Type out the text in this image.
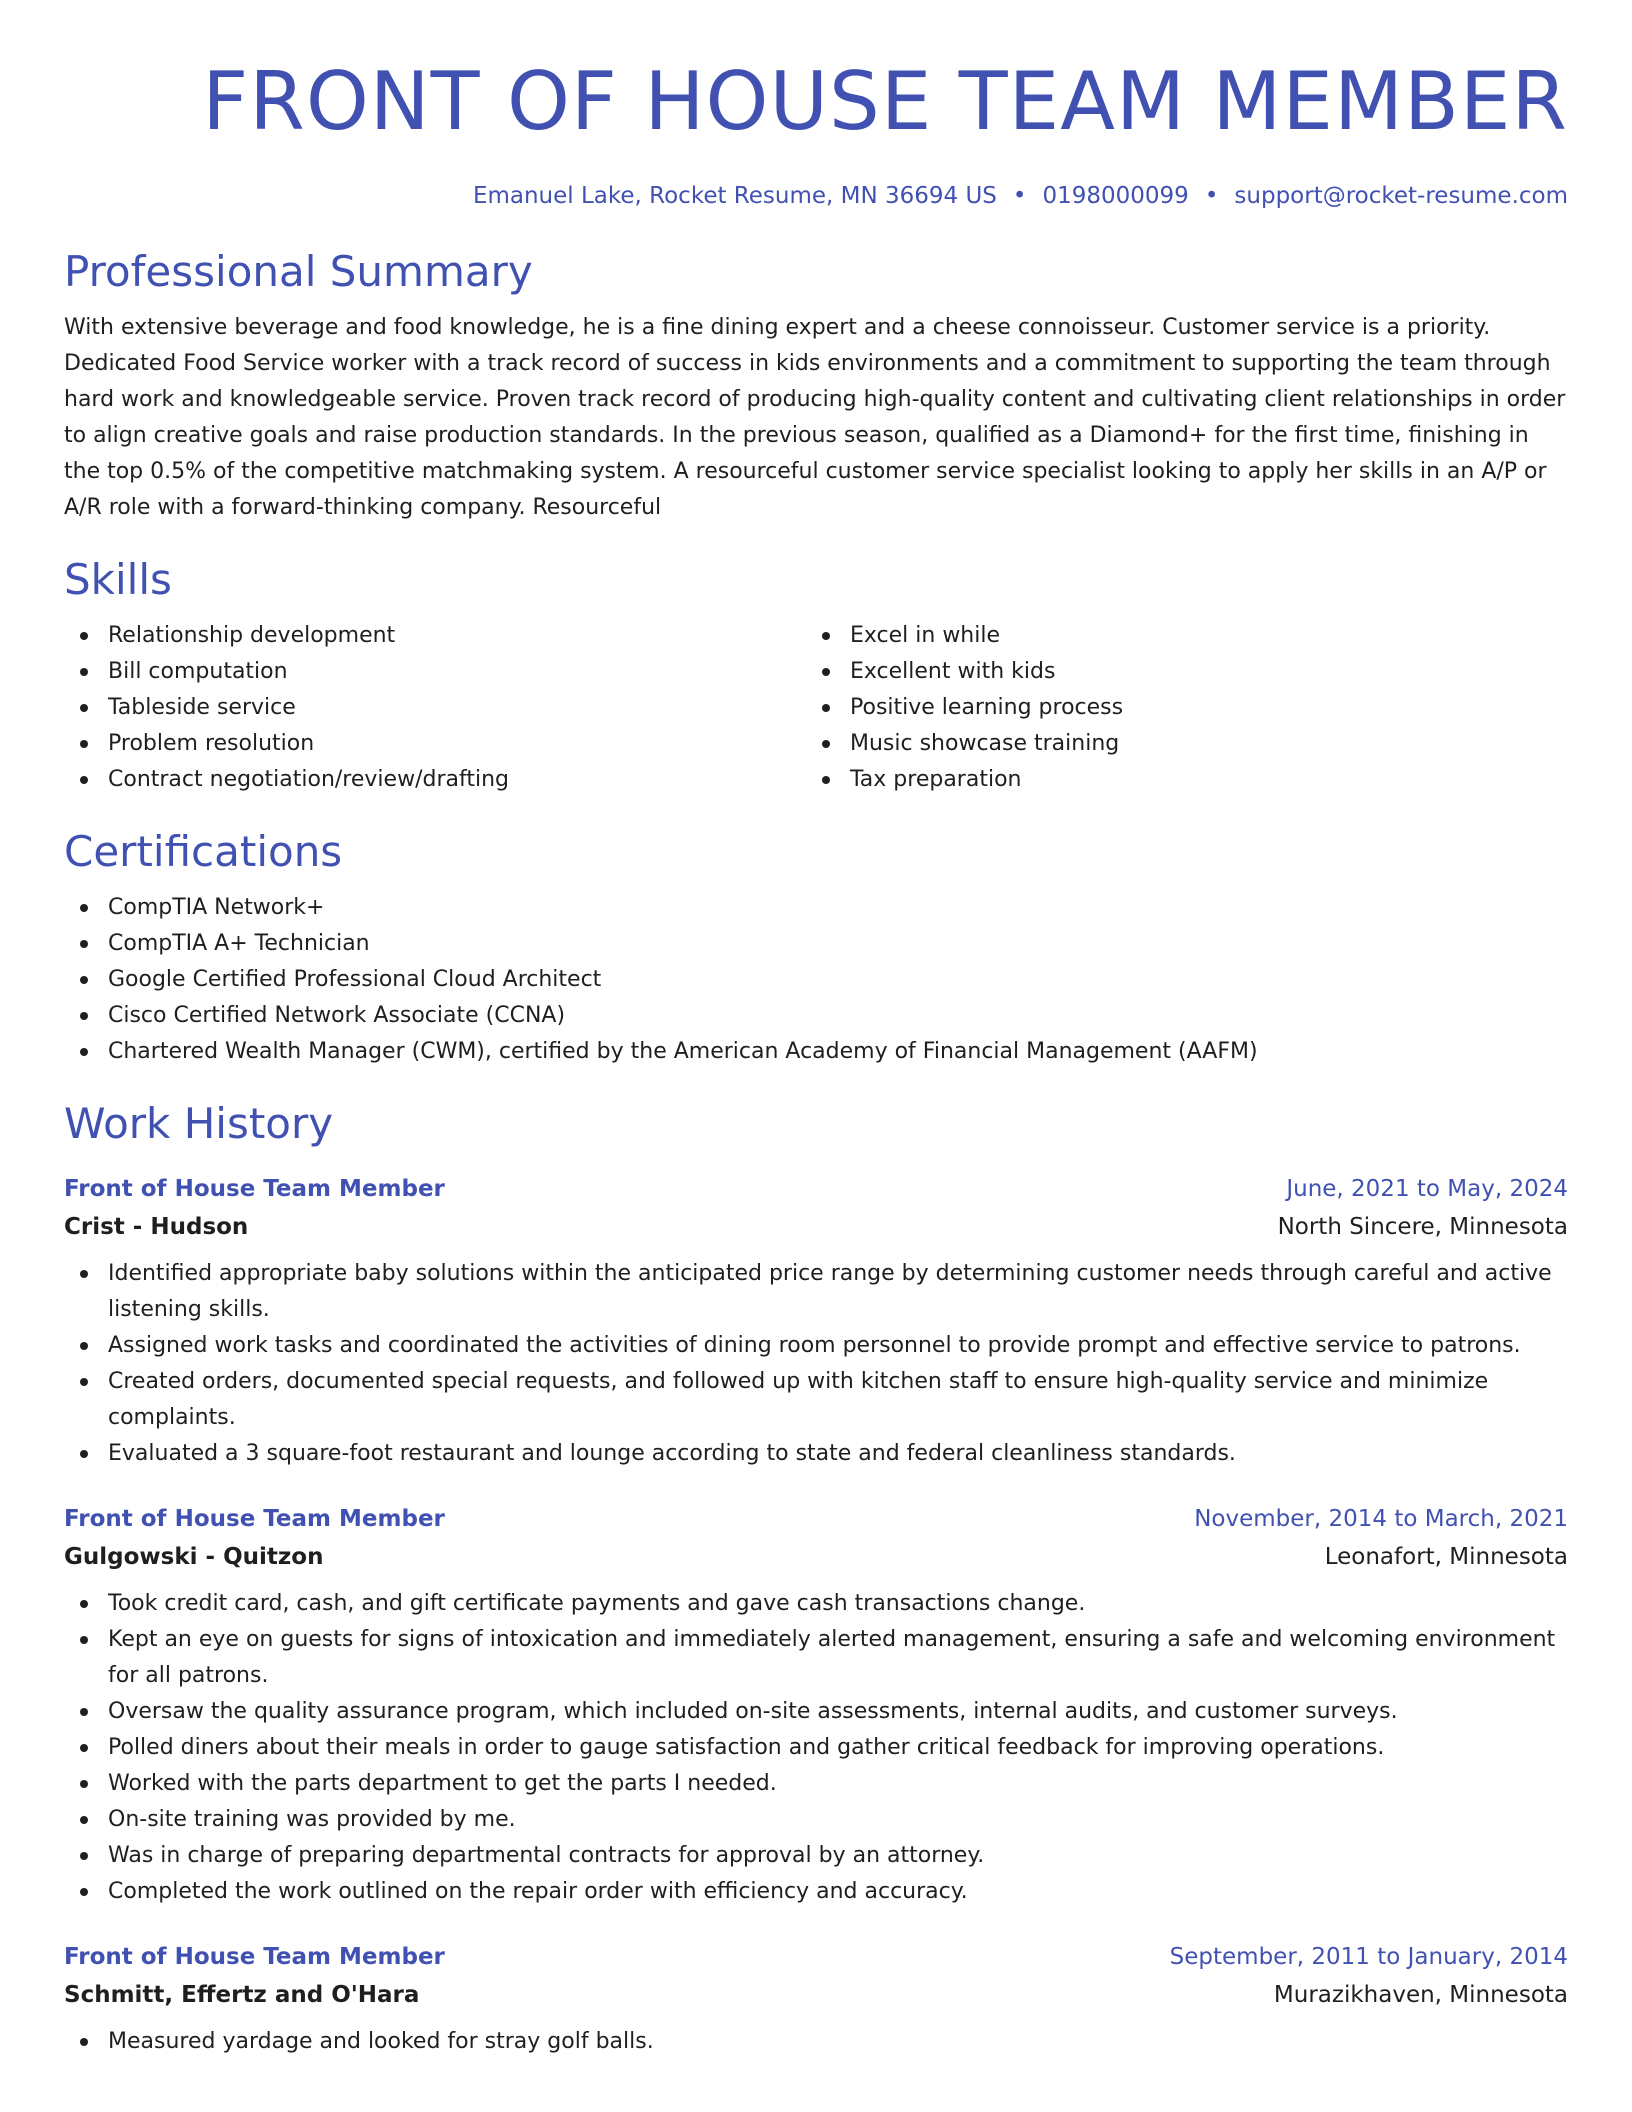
FRONT OF HOUSE TEAM MEMBER
Emanuel Lake, Rocket Resume, MN 36694 US • 0198000099 • support@rocket-resume.com
Professional Summary

With extensive beverage and food knowledge, he is a fine dining expert and a cheese connoisseur. Customer service is a priority. Dedicated Food Service worker with a track record of success in kids environments and a commitment to supporting the team through hard work and knowledgeable service. Proven track record of producing high-quality content and cultivating client relationships in order to align creative goals and raise production standards. In the previous season, qualified as a Diamond+ for the first time, finishing in the top 0.5% of the competitive matchmaking system. A resourceful customer service specialist looking to apply her skills in an A/P or A/R role with a forward-thinking company. Resourceful

Skills
Relationship development
Bill computation
Tableside service
Problem resolution
Contract negotiation/review/drafting
Excel in while
Excellent with kids
Positive learning process
Music showcase training
Tax preparation
Certifications
CompTIA Network+
CompTIA A+ Technician
Google Certified Professional Cloud Architect
Cisco Certified Network Associate (CCNA)
Chartered Wealth Manager (CWM), certified by the American Academy of Financial Management (AAFM)
Work History
Front of House Team Member	June, 2021 to May, 2024
Crist - Hudson	North Sincere, Minnesota
Identified appropriate baby solutions within the anticipated price range by determining customer needs through careful and active listening skills.
Assigned work tasks and coordinated the activities of dining room personnel to provide prompt and effective service to patrons.
Created orders, documented special requests, and followed up with kitchen staff to ensure high-quality service and minimize complaints.
Evaluated a 3 square-foot restaurant and lounge according to state and federal cleanliness standards.
Front of House Team Member	November, 2014 to March, 2021
Gulgowski - Quitzon	Leonafort, Minnesota
Took credit card, cash, and gift certificate payments and gave cash transactions change.
Kept an eye on guests for signs of intoxication and immediately alerted management, ensuring a safe and welcoming environment for all patrons.
Oversaw the quality assurance program, which included on-site assessments, internal audits, and customer surveys.
Polled diners about their meals in order to gauge satisfaction and gather critical feedback for improving operations.
Worked with the parts department to get the parts I needed.
On-site training was provided by me.
Was in charge of preparing departmental contracts for approval by an attorney.
Completed the work outlined on the repair order with efficiency and accuracy.
Front of House Team Member	September, 2011 to January, 2014
Schmitt, Effertz and O'Hara	Murazikhaven, Minnesota
Measured yardage and looked for stray golf balls.
